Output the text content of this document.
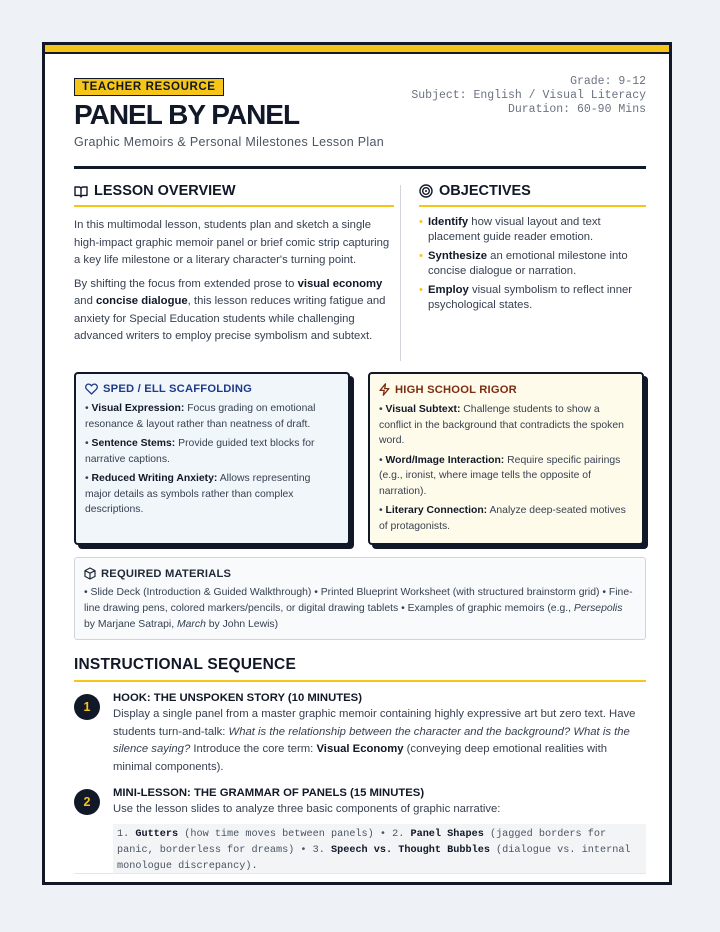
TEACHER RESOURCE
PANEL BY PANEL
Graphic Memoirs & Personal Milestones Lesson Plan
Grade: 9-12
Subject: English / Visual Literacy
Duration: 60-90 Mins
LESSON OVERVIEW
In this multimodal lesson, students plan and sketch a single high-impact graphic memoir panel or brief comic strip capturing a key life milestone or a literary character's turning point.
By shifting the focus from extended prose to visual economy and concise dialogue, this lesson reduces writing fatigue and anxiety for Special Education students while challenging advanced writers to employ precise symbolism and subtext.
OBJECTIVES
• Identify how visual layout and text placement guide reader emotion.
• Synthesize an emotional milestone into concise dialogue or narration.
• Employ visual symbolism to reflect inner psychological states.
SPED / ELL SCAFFOLDING

• Visual Expression: Focus grading on emotional resonance & layout rather than neatness of draft.

• Sentence Stems: Provide guided text blocks for narrative captions.

• Reduced Writing Anxiety: Allows representing major details as symbols rather than complex descriptions.

HIGH SCHOOL RIGOR

• Visual Subtext: Challenge students to show a conflict in the background that contradicts the spoken word.

• Word/Image Interaction: Require specific pairings (e.g., ironist, where image tells the opposite of narration).

• Literary Connection: Analyze deep-seated motives of protagonists.

REQUIRED MATERIALS
• Slide Deck (Introduction & Guided Walkthrough) • Printed Blueprint Worksheet (with structured brainstorm grid) • Fine-line drawing pens, colored markers/pencils, or digital drawing tablets • Examples of graphic memoirs (e.g., Persepolis by Marjane Satrapi, March by John Lewis)
INSTRUCTIONAL SEQUENCE
1
HOOK: THE UNSPOKEN STORY (10 MINUTES)
Display a single panel from a master graphic memoir containing highly expressive art but zero text. Have students turn-and-talk: What is the relationship between the character and the background? What is the silence saying? Introduce the core term: Visual Economy (conveying deep emotional realities with minimal components).
2
MINI-LESSON: THE GRAMMAR OF PANELS (15 MINUTES)
Use the lesson slides to analyze three basic components of graphic narrative:
1. Gutters (how time moves between panels) • 2. Panel Shapes (jagged borders for panic, borderless for dreams) • 3. Speech vs. Thought Bubbles (dialogue vs. internal monologue discrepancy).
